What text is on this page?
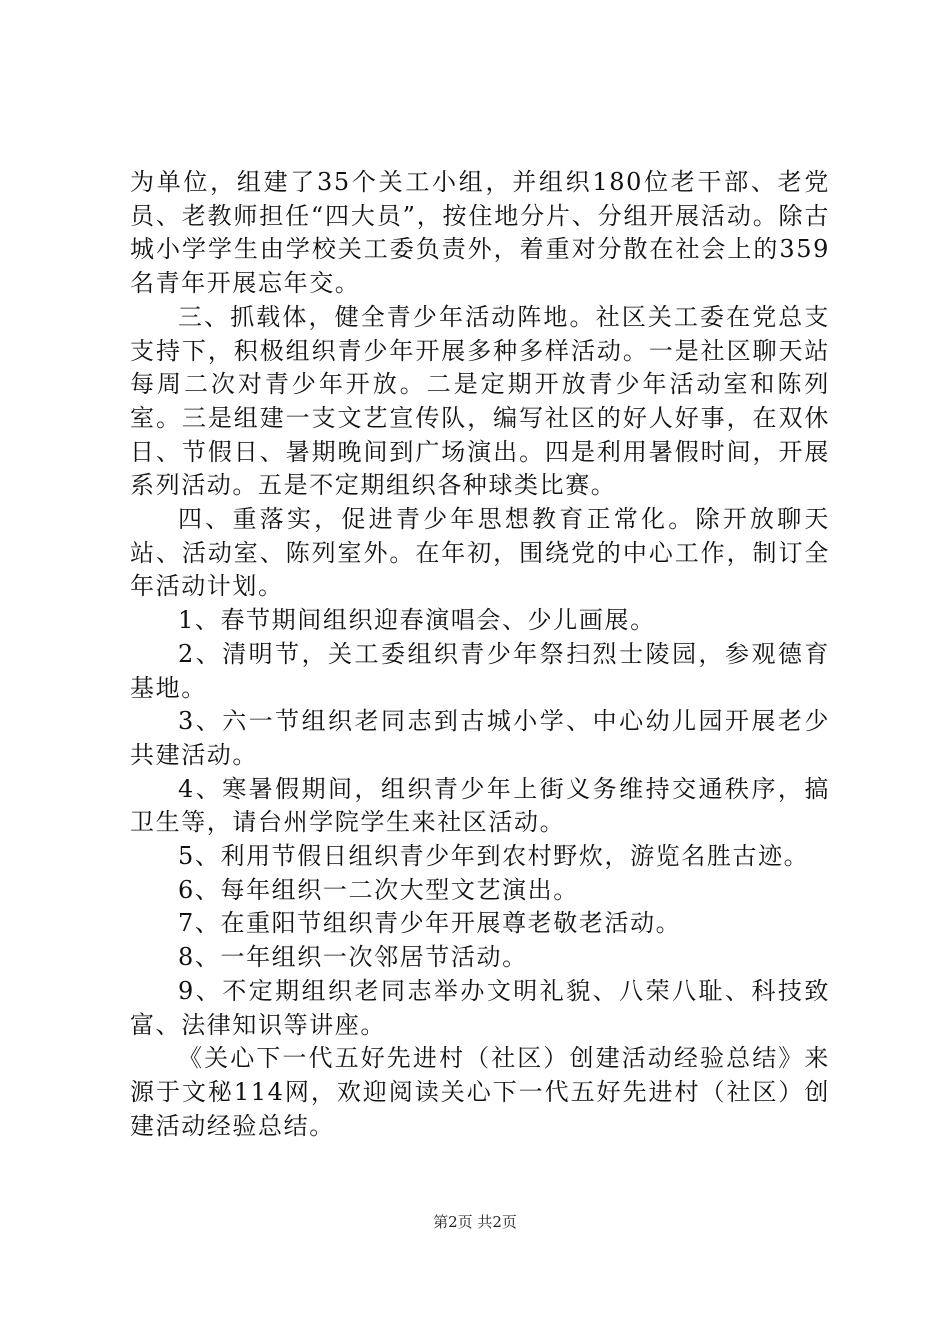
为单位，组建了35个关工小组，并组织180位老干部、老党员、老教师担任“四大员”，按住地分片、分组开展活动。除古城小学学生由学校关工委负责外，着重对分散在社会上的359名青年开展忘年交。

三、抓载体，健全青少年活动阵地。社区关工委在党总支支持下，积极组织青少年开展多种多样活动。一是社区聊天站每周二次对青少年开放。二是定期开放青少年活动室和陈列室。三是组建一支文艺宣传队，编写社区的好人好事，在双休日、节假日、暑期晚间到广场演出。四是利用暑假时间，开展系列活动。五是不定期组织各种球类比赛。

四、重落实，促进青少年思想教育正常化。除开放聊天站、活动室、陈列室外。在年初，围绕党的中心工作，制订全年活动计划。

1、春节期间组织迎春演唱会、少儿画展。

2、清明节，关工委组织青少年祭扫烈士陵园，参观德育基地。

3、六一节组织老同志到古城小学、中心幼儿园开展老少共建活动。

4、寒暑假期间，组织青少年上街义务维持交通秩序，搞卫生等，请台州学院学生来社区活动。

5、利用节假日组织青少年到农村野炊，游览名胜古迹。

6、每年组织一二次大型文艺演出。

7、在重阳节组织青少年开展尊老敬老活动。

8、一年组织一次邻居节活动。

9、不定期组织老同志举办文明礼貌、八荣八耻、科技致富、法律知识等讲座。

《关心下一代五好先进村（社区）创建活动经验总结》来源于文秘114网，欢迎阅读关心下一代五好先进村（社区）创建活动经验总结。

第2页 共2页
